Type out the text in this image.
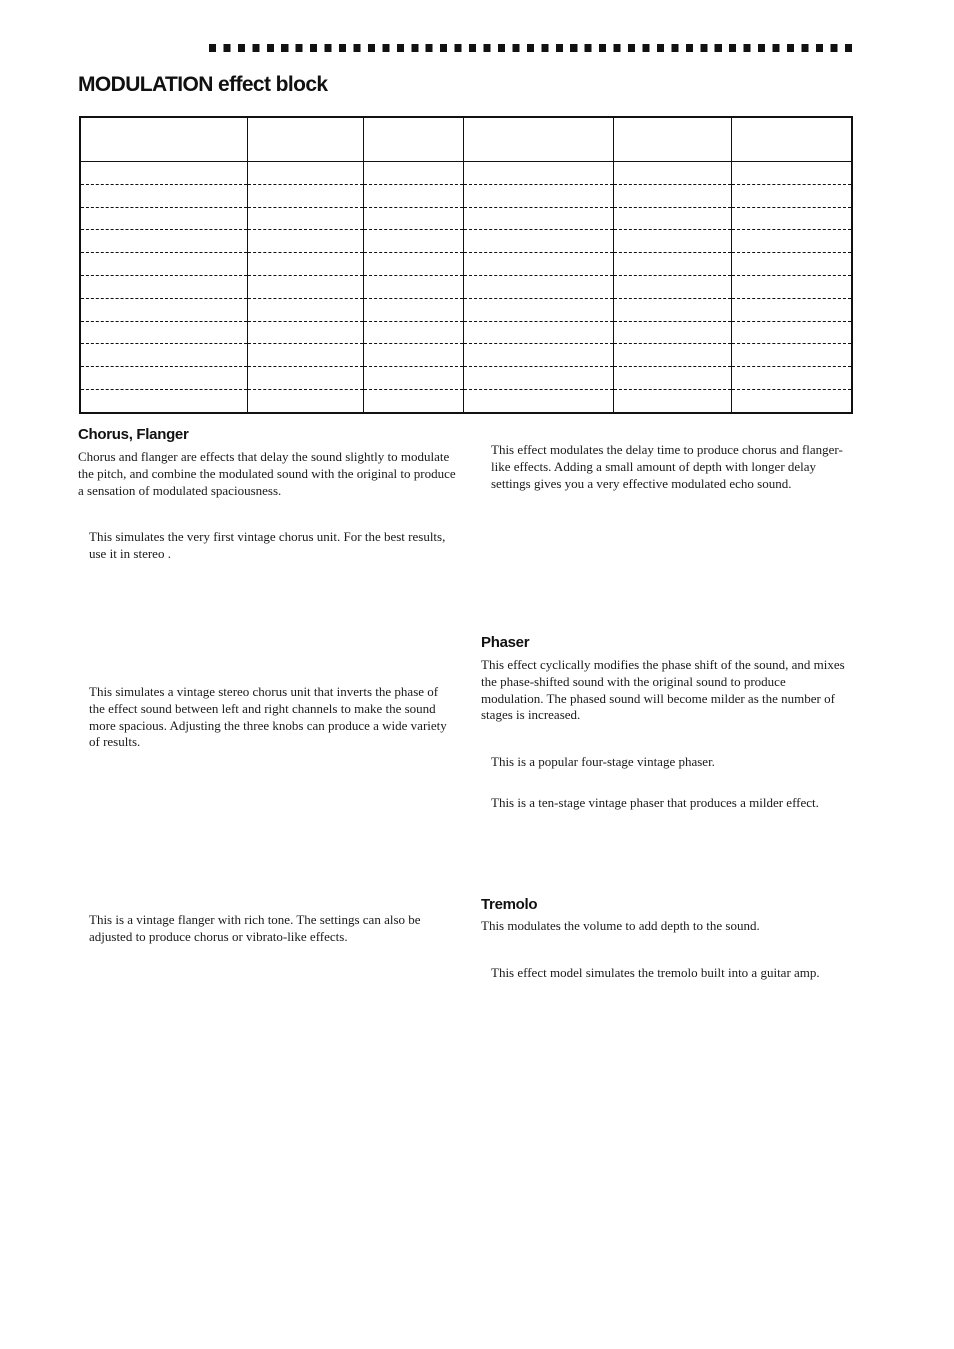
MODULATION effect block

Chorus, Flanger

Chorus and flanger are effects that delay the sound slightly to modulate the pitch, and combine the modulated sound with the original to produce a sensation of modulated spaciousness.

This simulates the very first vintage chorus unit. For the best results, use it in stereo .

This simulates a vintage stereo chorus unit that inverts the phase of the effect sound between left and right channels to make the sound more spacious. Adjusting the three knobs can produce a wide variety of results.

This is a vintage flanger with rich tone. The settings can also be adjusted to produce chorus or vibrato-like effects.

This effect modulates the delay time to produce chorus and flanger-like effects. Adding a small amount of depth with longer delay settings gives you a very effective modulated echo sound.

Phaser

This effect cyclically modifies the phase shift of the sound, and mixes the phase-shifted sound with the original sound to produce modulation. The phased sound will become milder as the number of stages is increased.

This is a popular four-stage vintage phaser.

This is a ten-stage vintage phaser that produces a milder effect.

Tremolo

This modulates the volume to add depth to the sound.

This effect model simulates the tremolo built into a guitar amp.
